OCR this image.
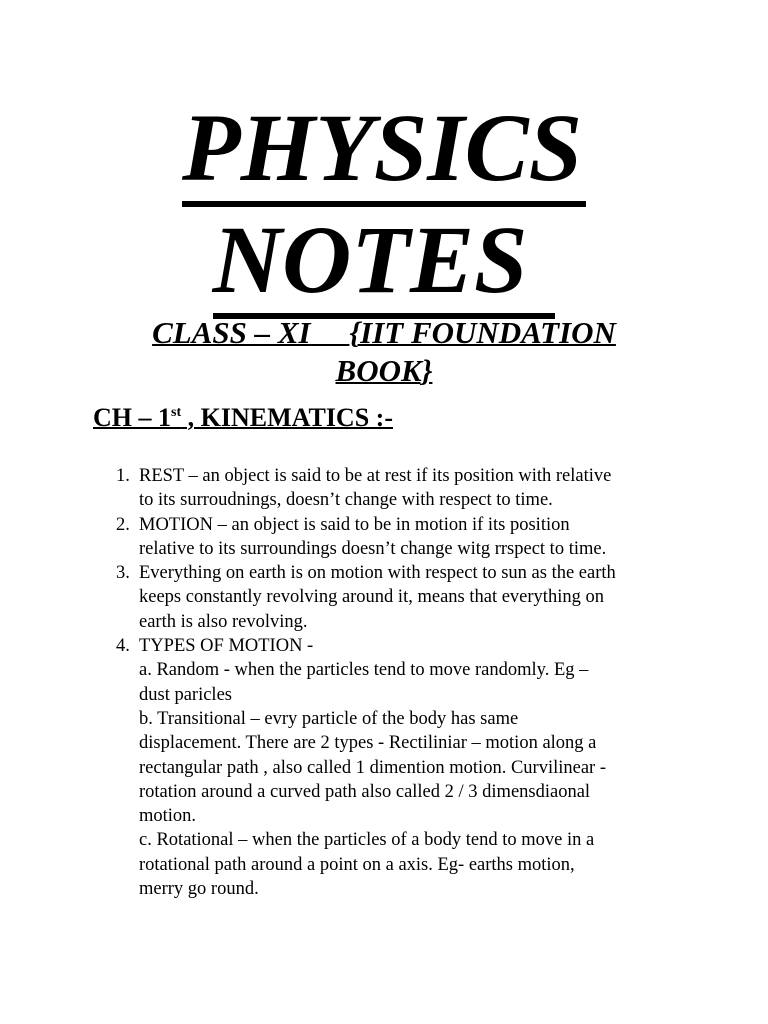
PHYSICS
NOTES
CLASS – XI {IIT FOUNDATION
BOOK}
CH – 1st , KINEMATICS :-
1. REST – an object is said to be at rest if its position with relative
to its surroudnings, doesn’t change with respect to time.
2. MOTION – an object is said to be in motion if its position
relative to its surroundings doesn’t change witg rrspect to time.
3. Everything on earth is on motion with respect to sun as the earth
keeps constantly revolving around it, means that everything on
earth is also revolving.
4. TYPES OF MOTION -
a. Random - when the particles tend to move randomly. Eg –
dust paricles
b. Transitional – evry particle of the body has same
displacement. There are 2 types - Rectiliniar – motion along a
rectangular path , also called 1 dimention motion. Curvilinear -
rotation around a curved path also called 2 / 3 dimensdiaonal
motion.
c. Rotational – when the particles of a body tend to move in a
rotational path around a point on a axis. Eg- earths motion,
merry go round.
